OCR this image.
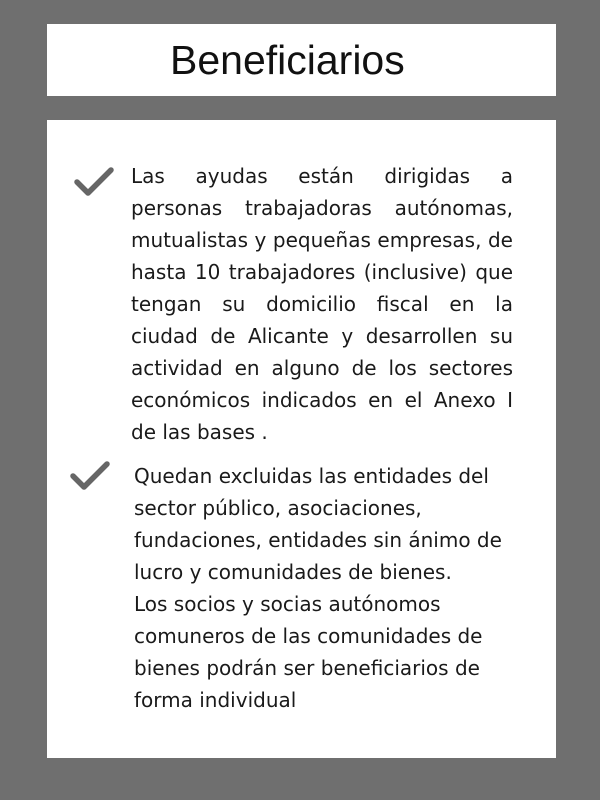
Beneficiarios
Las ayudas están dirigidas a
personas trabajadoras autónomas,
mutualistas y pequeñas empresas, de
hasta 10 trabajadores (inclusive) que
tengan su domicilio fiscal en la
ciudad de Alicante y desarrollen su
actividad en alguno de los sectores
económicos indicados en el Anexo I
de las bases .
Quedan excluidas las entidades del
sector público, asociaciones,
fundaciones, entidades sin ánimo de
lucro y comunidades de bienes.
Los socios y socias autónomos
comuneros de las comunidades de
bienes podrán ser beneficiarios de
forma individual
